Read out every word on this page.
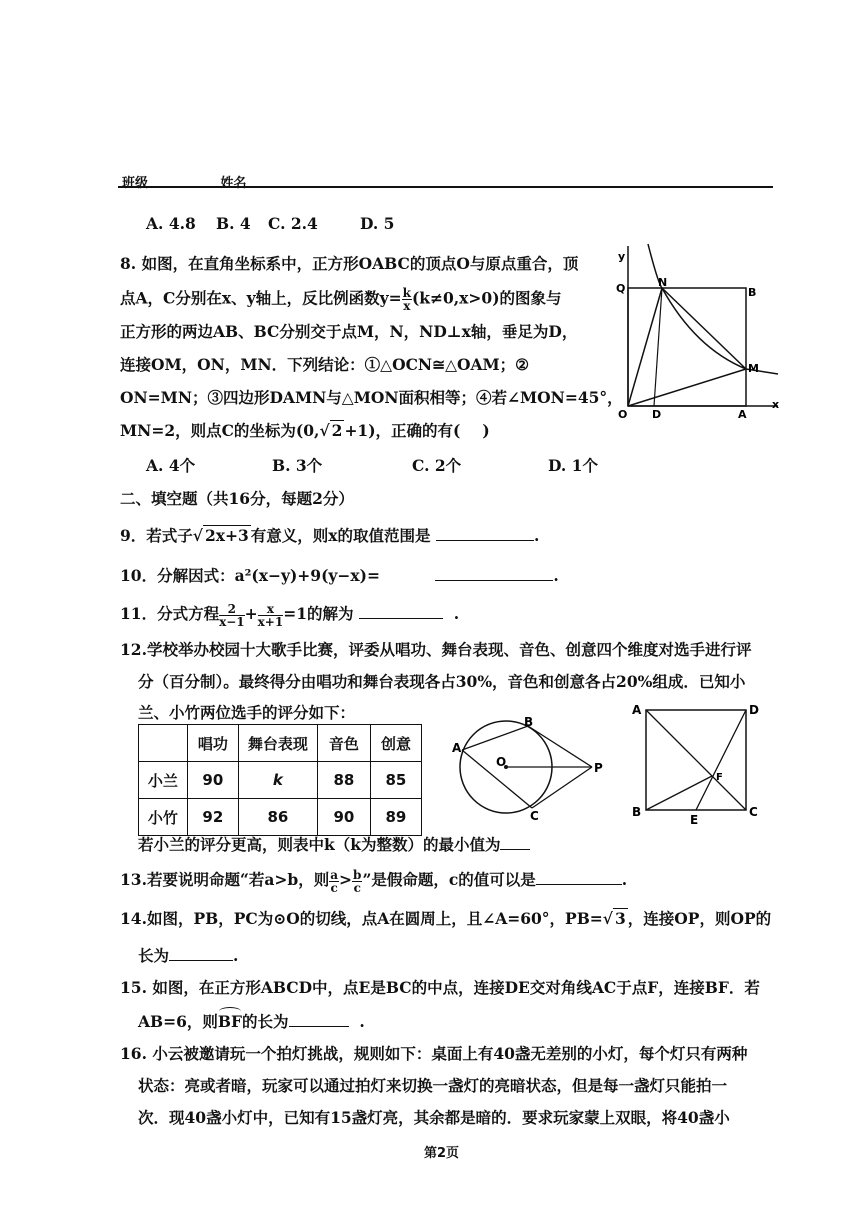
班级	姓名
A. 4.8 B. 4 C. 2.4	D. 5
8. 如图，在直角坐标系中，正方形OABC的顶点O与原点重合，顶
点A，C分别在x、y轴上，反比例函数$y= \frac{k}{x} (k\ne 0,x>0)$的图象与
正方形的两边AB、BC分别交于点M，N，ND⊥x轴，垂足为D，
连接OM，ON，MN．下列结论：①△OCN≅△OAM；②
ON=MN；③四边形DAMN与△MON面积相等；④若∠MON=45°，
MN=2，则点C的坐标为(0,√ 2 +1)，正确的有( )
A. 4个	B. 3个	C. 2个	D. 1个
y
Q	N
B
M
O D	A
x
二、填空题（共16分，每题2分）
9．若式子√ 2x+3 有意义，则x的取值范围是	.
10．分解因式：a²(x−y)+9(y−x)=	.
11．分式方程 $\frac{2}{x-1} + \frac{x}{x+1} =1$的解为	.
12.学校举办校园十大歌手比赛，评委从唱功、舞台表现、音色、创意四个维度对选手进行评
分（百分制）。最终得分由唱功和舞台表现各占30%，音色和创意各占20%组成．已知小
兰、小竹两位选手的评分如下：
	唱功	舞台表现	音色	创意
小兰	90	k	88	85
小竹	92	86	90	89
A
B
O	P
C
A	D
B	C
E
F
若小兰的评分更高，则表中k（k为整数）的最小值为
13.若要说明命题“若a>b，则 $\frac{a}{c} > \frac{b}{c}$ ”是假命题，c的值可以是	.
14.如图，PB，PC为⊙O的切线，点A在圆周上，且∠A=60°，PB=√ 3 ，连接OP，则OP的
长为	.
15. 如图，在正方形ABCD中，点E是BC的中点，连接DE交对角线AC于点F，连接BF．若
AB=6，则
BF的长为	.
16. 小云被邀请玩一个拍灯挑战，规则如下：桌面上有40盏无差别的小灯，每个灯只有两种
状态：亮或者暗，玩家可以通过拍灯来切换一盏灯的亮暗状态，但是每一盏灯只能拍一
次．现40盏小灯中，已知有15盏灯亮，其余都是暗的．要求玩家蒙上双眼，将40盏小
第2页
